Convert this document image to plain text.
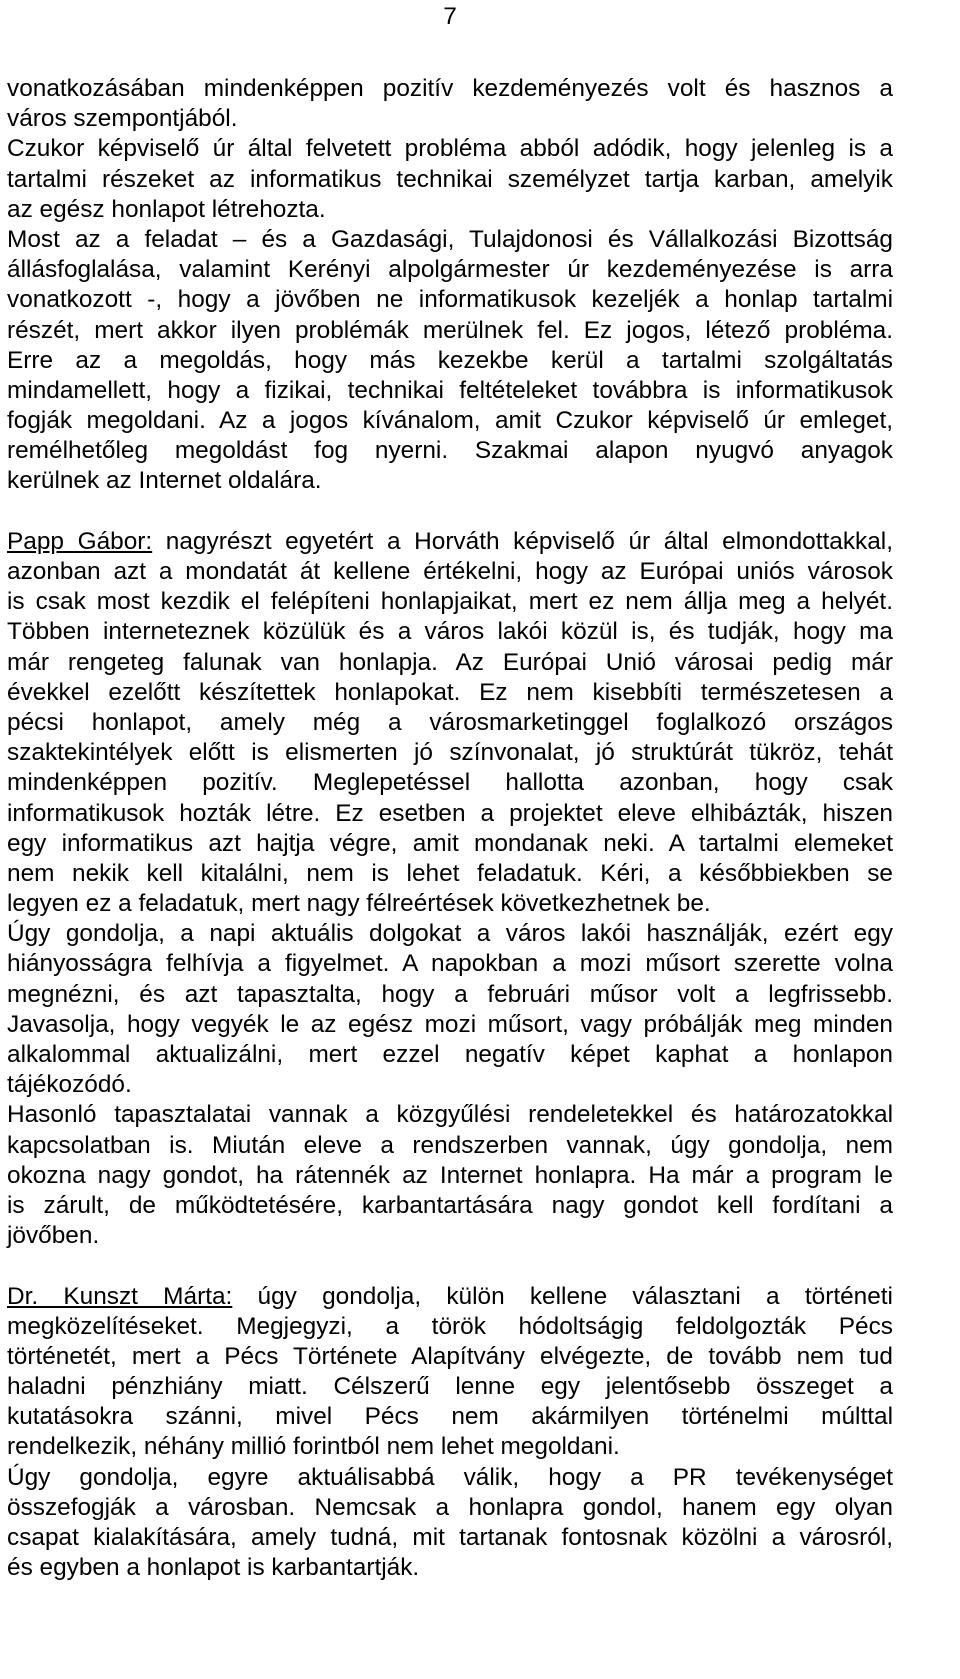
7
vonatkozásában mindenképpen pozitív kezdeményezés volt és hasznos a
város szempontjából.
Czukor képviselő úr által felvetett probléma abból adódik, hogy jelenleg is a
tartalmi részeket az informatikus technikai személyzet tartja karban, amelyik
az egész honlapot létrehozta.
Most az a feladat – és a Gazdasági, Tulajdonosi és Vállalkozási Bizottság
állásfoglalása, valamint Kerényi alpolgármester úr kezdeményezése is arra
vonatkozott -, hogy a jövőben ne informatikusok kezeljék a honlap tartalmi
részét, mert akkor ilyen problémák merülnek fel. Ez jogos, létező probléma.
Erre az a megoldás, hogy más kezekbe kerül a tartalmi szolgáltatás
mindamellett, hogy a fizikai, technikai feltételeket továbbra is informatikusok
fogják megoldani. Az a jogos kívánalom, amit Czukor képviselő úr emleget,
remélhetőleg megoldást fog nyerni. Szakmai alapon nyugvó anyagok
kerülnek az Internet oldalára.
Papp Gábor: nagyrészt egyetért a Horváth képviselő úr által elmondottakkal,
azonban azt a mondatát át kellene értékelni, hogy az Európai uniós városok
is csak most kezdik el felépíteni honlapjaikat, mert ez nem állja meg a helyét.
Többen interneteznek közülük és a város lakói közül is, és tudják, hogy ma
már rengeteg falunak van honlapja. Az Európai Unió városai pedig már
évekkel ezelőtt készítettek honlapokat. Ez nem kisebbíti természetesen a
pécsi honlapot, amely még a városmarketinggel foglalkozó országos
szaktekintélyek előtt is elismerten jó színvonalat, jó struktúrát tükröz, tehát
mindenképpen pozitív. Meglepetéssel hallotta azonban, hogy csak
informatikusok hozták létre. Ez esetben a projektet eleve elhibázták, hiszen
egy informatikus azt hajtja végre, amit mondanak neki. A tartalmi elemeket
nem nekik kell kitalálni, nem is lehet feladatuk. Kéri, a későbbiekben se
legyen ez a feladatuk, mert nagy félreértések következhetnek be.
Úgy gondolja, a napi aktuális dolgokat a város lakói használják, ezért egy
hiányosságra felhívja a figyelmet. A napokban a mozi műsort szerette volna
megnézni, és azt tapasztalta, hogy a februári műsor volt a legfrissebb.
Javasolja, hogy vegyék le az egész mozi műsort, vagy próbálják meg minden
alkalommal aktualizálni, mert ezzel negatív képet kaphat a honlapon
tájékozódó.
Hasonló tapasztalatai vannak a közgyűlési rendeletekkel és határozatokkal
kapcsolatban is. Miután eleve a rendszerben vannak, úgy gondolja, nem
okozna nagy gondot, ha rátennék az Internet honlapra. Ha már a program le
is zárult, de működtetésére, karbantartására nagy gondot kell fordítani a
jövőben.
Dr. Kunszt Márta: úgy gondolja, külön kellene választani a történeti
megközelítéseket. Megjegyzi, a török hódoltságig feldolgozták Pécs
történetét, mert a Pécs Története Alapítvány elvégezte, de tovább nem tud
haladni pénzhiány miatt. Célszerű lenne egy jelentősebb összeget a
kutatásokra szánni, mivel Pécs nem akármilyen történelmi múlttal
rendelkezik, néhány millió forintból nem lehet megoldani.
Úgy gondolja, egyre aktuálisabbá válik, hogy a PR tevékenységet
összefogják a városban. Nemcsak a honlapra gondol, hanem egy olyan
csapat kialakítására, amely tudná, mit tartanak fontosnak közölni a városról,
és egyben a honlapot is karbantartják.
